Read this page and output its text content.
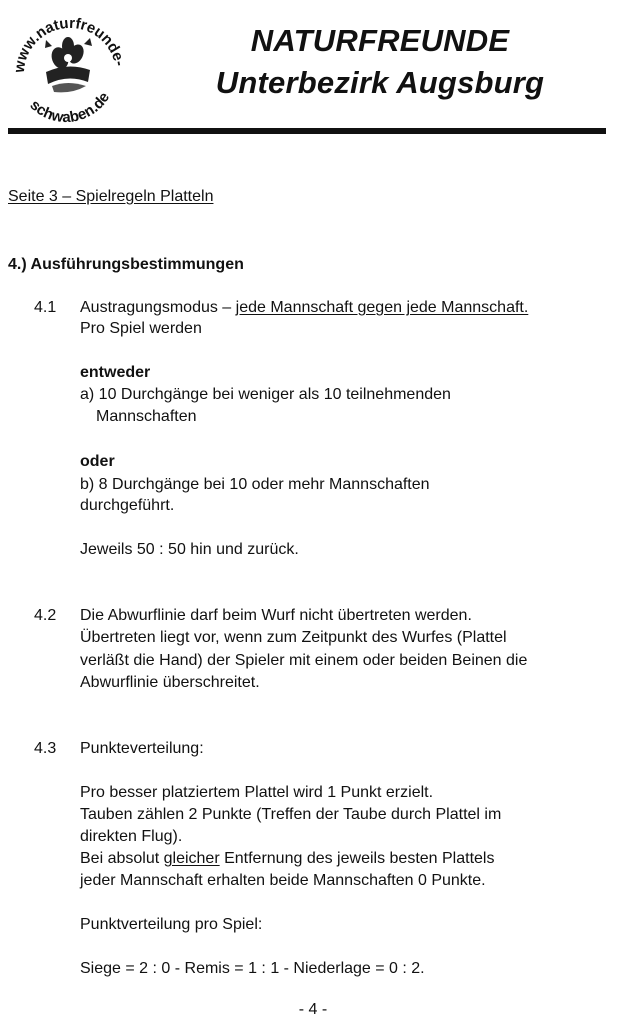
www.naturfreunde-
schwaben.de
NATURFREUNDE
Unterbezirk Augsburg
Seite 3 – Spielregeln Platteln
4.) Ausführungsbestimmungen
4.1 Austragungsmodus – jede Mannschaft gegen jede Mannschaft.
Pro Spiel werden
entweder
a) 10 Durchgänge bei weniger als 10 teilnehmenden
Mannschaften
oder
b) 8 Durchgänge bei 10 oder mehr Mannschaften
durchgeführt.
Jeweils 50 : 50 hin und zurück.
4.2 Die Abwurflinie darf beim Wurf nicht übertreten werden.
Übertreten liegt vor, wenn zum Zeitpunkt des Wurfes (Plattel
verläßt die Hand) der Spieler mit einem oder beiden Beinen die
Abwurflinie überschreitet.
4.3 Punkteverteilung:
Pro besser platziertem Plattel wird 1 Punkt erzielt.
Tauben zählen 2 Punkte (Treffen der Taube durch Plattel im
direkten Flug).
Bei absolut gleicher Entfernung des jeweils besten Plattels
jeder Mannschaft erhalten beide Mannschaften 0 Punkte.
Punktverteilung pro Spiel:
Siege = 2 : 0 - Remis = 1 : 1 - Niederlage = 0 : 2.
- 4 -
